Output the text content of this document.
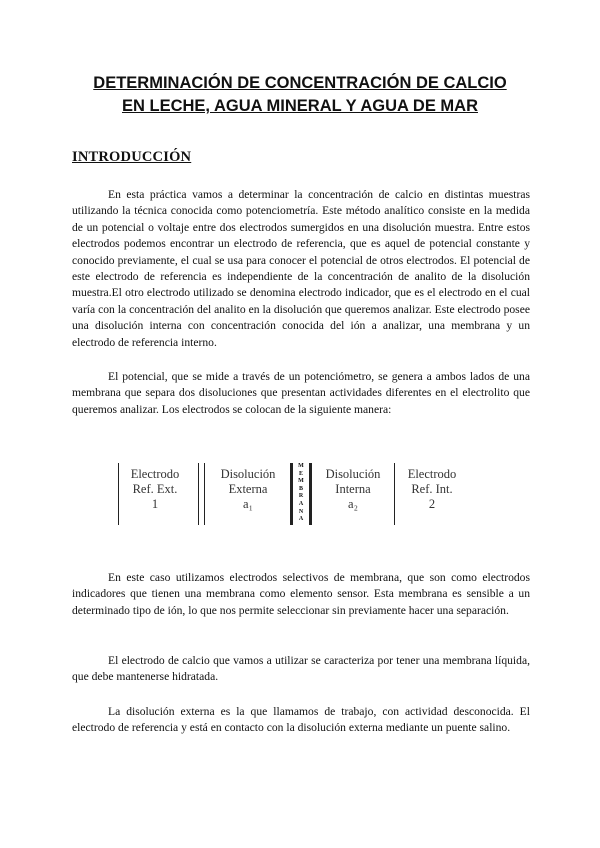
DETERMINACIÓN DE CONCENTRACIÓN DE CALCIO
EN LECHE, AGUA MINERAL Y AGUA DE MAR
INTRODUCCIÓN

En esta práctica vamos a determinar la concentración de calcio en distintas muestras utilizando la técnica conocida como potenciometría. Este método analítico consiste en la medida de un potencial o voltaje entre dos electrodos sumergidos en una disolución muestra. Entre estos electrodos podemos encontrar un electrodo de referencia, que es aquel de potencial constante y conocido previamente, el cual se usa para conocer el potencial de otros electrodos. El potencial de este electrodo de referencia es independiente de la concentración de analito de la disolución muestra.El otro electrodo utilizado se denomina electrodo indicador, que es el electrodo en el cual varía con la concentración del analito en la disolución que queremos analizar. Este electrodo posee una disolución interna con concentración conocida del ión a analizar, una membrana y un electrodo de referencia interno.

El potencial, que se mide a través de un potenciómetro, se genera a ambos lados de una membrana que separa dos disoluciones que presentan actividades diferentes en el electrolito que queremos analizar. Los electrodos se colocan de la siguiente manera:

Electrodo
Ref. Ext.
1
Disolución
Externa
a₁
M
E
M
B
R
A
N
A
Disolución
Interna
a₂
Electrodo
Ref. Int.
2

En este caso utilizamos electrodos selectivos de membrana, que son como electrodos indicadores que tienen una membrana como elemento sensor. Esta membrana es sensible a un determinado tipo de ión, lo que nos permite seleccionar sin previamente hacer una separación.

El electrodo de calcio que vamos a utilizar se caracteriza por tener una membrana líquida, que debe mantenerse hidratada.

La disolución externa es la que llamamos de trabajo, con actividad desconocida. El electrodo de referencia y está en contacto con la disolución externa mediante un puente salino.
